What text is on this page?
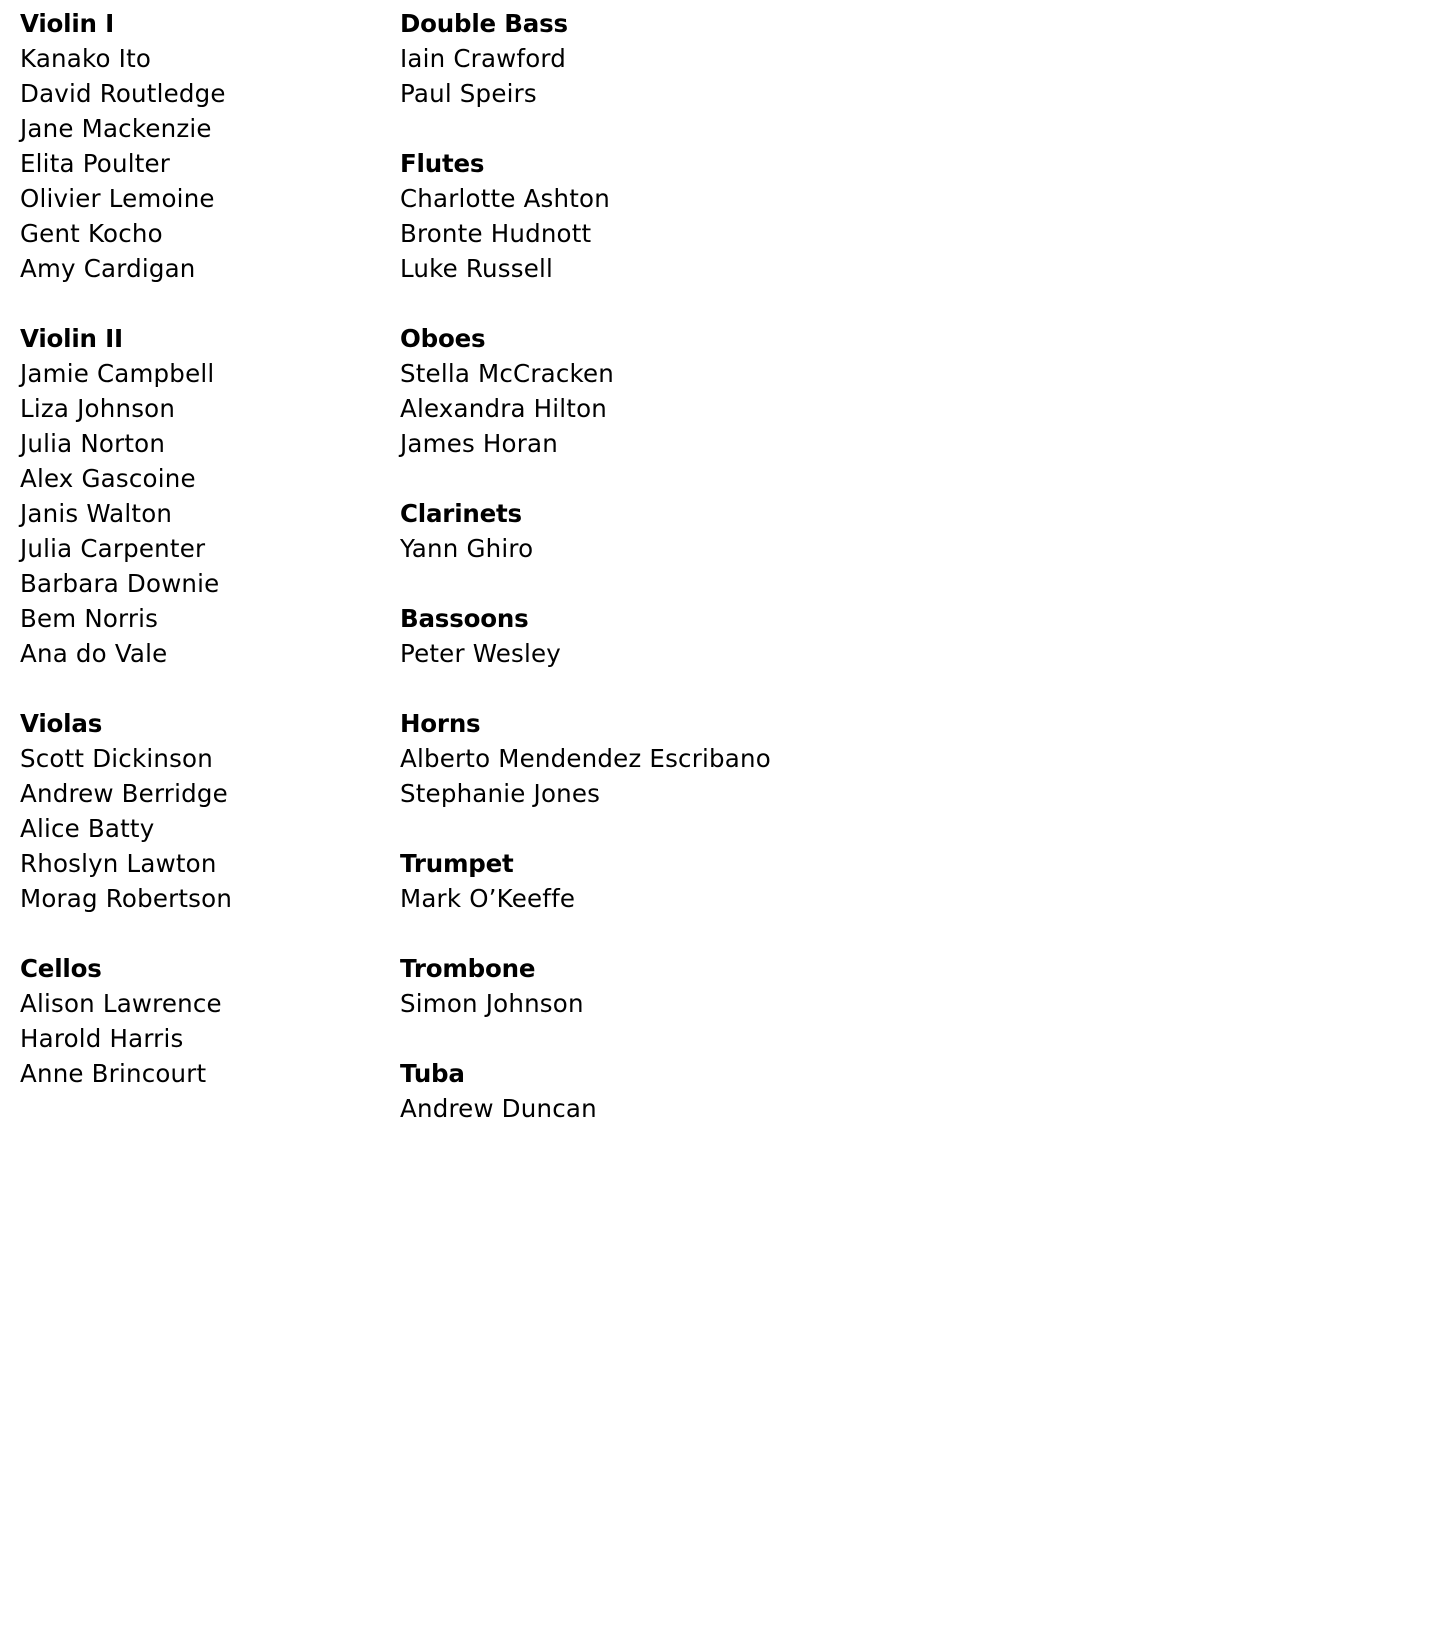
Violin I
Kanako Ito
David Routledge
Jane Mackenzie
Elita Poulter
Olivier Lemoine
Gent Kocho
Amy Cardigan
Violin II
Jamie Campbell
Liza Johnson
Julia Norton
Alex Gascoine
Janis Walton
Julia Carpenter
Barbara Downie
Bem Norris
Ana do Vale
Violas
Scott Dickinson
Andrew Berridge
Alice Batty
Rhoslyn Lawton
Morag Robertson
Cellos
Alison Lawrence
Harold Harris
Anne Brincourt
Double Bass
Iain Crawford
Paul Speirs
Flutes
Charlotte Ashton
Bronte Hudnott
Luke Russell
Oboes
Stella McCracken
Alexandra Hilton
James Horan
Clarinets
Yann Ghiro
Bassoons
Peter Wesley
Horns
Alberto Mendendez Escribano
Stephanie Jones
Trumpet
Mark O’Keeffe
Trombone
Simon Johnson
Tuba
Andrew Duncan
